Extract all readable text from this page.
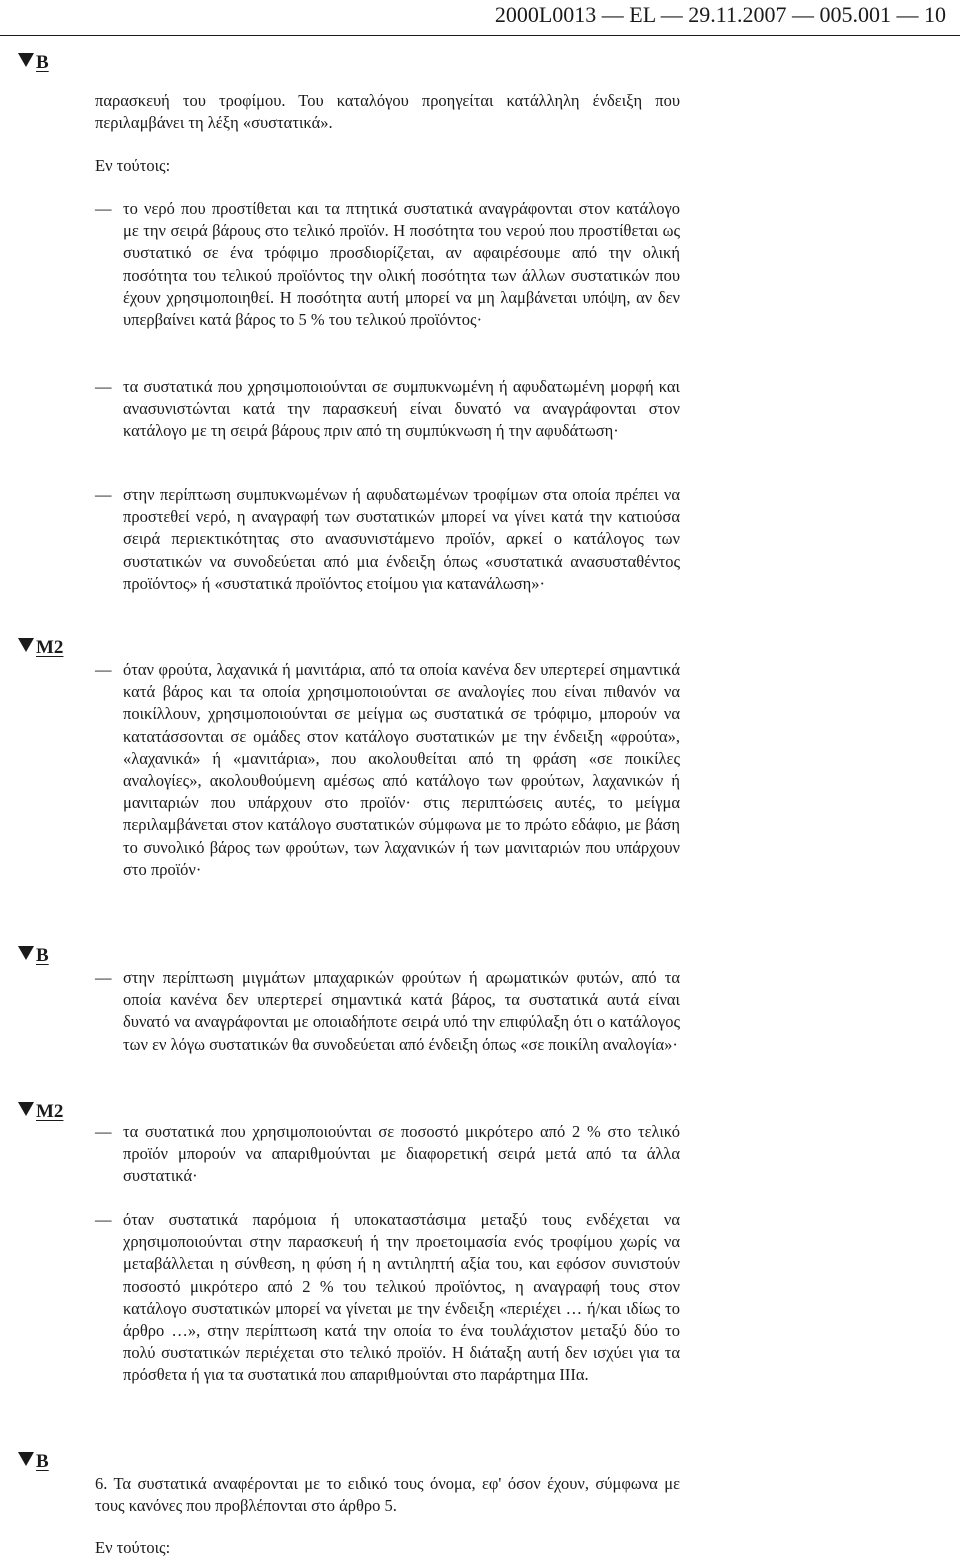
2000L0013 — EL — 29.11.2007 — 005.001 — 10
B
M2
B
M2
B
παρασκευή του τροφίμου. Του καταλόγου προηγείται κατάλληλη ένδειξη που περιλαμβάνει τη λέξη «συστατικά».
Εν τούτοις:
— το νερό που προστίθεται και τα πτητικά συστατικά αναγράφονται στον κατάλογο με την σειρά βάρους στο τελικό προϊόν. Η ποσότητα του νερού που προστίθεται ως συστατικό σε ένα τρόφιμο προσδιορίζεται, αν αφαιρέσουμε από την ολική ποσότητα του τελικού προϊόντος την ολική ποσότητα των άλλων συστατικών που έχουν χρησιμοποιηθεί. Η ποσότητα αυτή μπορεί να μη λαμβάνεται υπόψη, αν δεν υπερβαίνει κατά βάρος το 5 % του τελικού προϊόντος·
— τα συστατικά που χρησιμοποιούνται σε συμπυκνωμένη ή αφυδατωμένη μορφή και ανασυνιστώνται κατά την παρασκευή είναι δυνατό να αναγράφονται στον κατάλογο με τη σειρά βάρους πριν από τη συμπύκνωση ή την αφυδάτωση·
— στην περίπτωση συμπυκνωμένων ή αφυδατωμένων τροφίμων στα οποία πρέπει να προστεθεί νερό, η αναγραφή των συστατικών μπορεί να γίνει κατά την κατιούσα σειρά περιεκτικότητας στο ανασυνιστάμενο προϊόν, αρκεί ο κατάλογος των συστατικών να συνοδεύεται από μια ένδειξη όπως «συστατικά ανασυσταθέντος προϊόντος» ή «συστατικά προϊόντος ετοίμου για κατανάλωση»·
— όταν φρούτα, λαχανικά ή μανιτάρια, από τα οποία κανένα δεν υπερτερεί σημαντικά κατά βάρος και τα οποία χρησιμοποιούνται σε αναλογίες που είναι πιθανόν να ποικίλλουν, χρησιμοποιούνται σε μείγμα ως συστατικά σε τρόφιμο, μπορούν να κατατάσσονται σε ομάδες στον κατάλογο συστατικών με την ένδειξη «φρούτα», «λαχανικά» ή «μανιτάρια», που ακολουθείται από τη φράση «σε ποικίλες αναλογίες», ακολουθούμενη αμέσως από κατάλογο των φρούτων, λαχανικών ή μανιταριών που υπάρχουν στο προϊόν· στις περιπτώσεις αυτές, το μείγμα περιλαμβάνεται στον κατάλογο συστατικών σύμφωνα με το πρώτο εδάφιο, με βάση το συνολικό βάρος των φρούτων, των λαχανικών ή των μανιταριών που υπάρχουν στο προϊόν·
— στην περίπτωση μιγμάτων μπαχαρικών φρούτων ή αρωματικών φυτών, από τα οποία κανένα δεν υπερτερεί σημαντικά κατά βάρος, τα συστατικά αυτά είναι δυνατό να αναγράφονται με οποιαδήποτε σειρά υπό την επιφύλαξη ότι ο κατάλογος των εν λόγω συστατικών θα συνοδεύεται από ένδειξη όπως «σε ποικίλη αναλογία»·
— τα συστατικά που χρησιμοποιούνται σε ποσοστό μικρότερο από 2 % στο τελικό προϊόν μπορούν να απαριθμούνται με διαφορετική σειρά μετά από τα άλλα συστατικά·
— όταν συστατικά παρόμοια ή υποκαταστάσιμα μεταξύ τους ενδέχεται να χρησιμοποιούνται στην παρασκευή ή την προετοιμασία ενός τροφίμου χωρίς να μεταβάλλεται η σύνθεση, η φύση ή η αντιληπτή αξία του, και εφόσον συνιστούν ποσοστό μικρότερο από 2 % του τελικού προϊόντος, η αναγραφή τους στον κατάλογο συστατικών μπορεί να γίνεται με την ένδειξη «περιέχει … ή/και ιδίως το άρθρο …», στην περίπτωση κατά την οποία το ένα τουλάχιστον μεταξύ δύο το πολύ συστατικών περιέχεται στο τελικό προϊόν. Η διάταξη αυτή δεν ισχύει για τα πρόσθετα ή για τα συστατικά που απαριθμούνται στο παράρτημα ΙΙΙα.
6. Τα συστατικά αναφέρονται με το ειδικό τους όνομα, εφ' όσον έχουν, σύμφωνα με τους κανόνες που προβλέπονται στο άρθρο 5.
Εν τούτοις:
